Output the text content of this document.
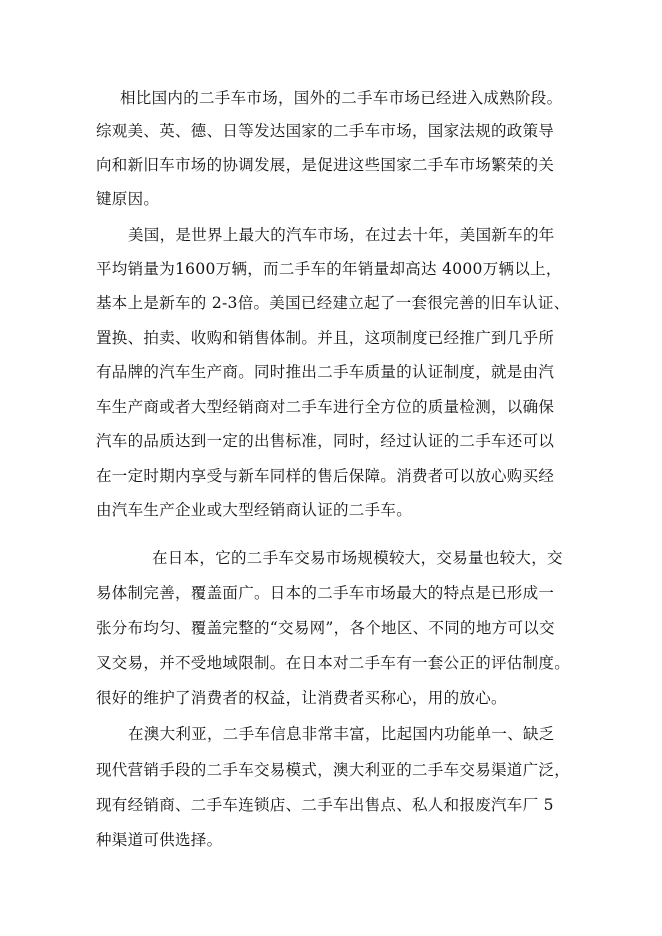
相比国内的二手车市场，国外的二手车市场已经进入成熟阶段。
综观美、英、德、日等发达国家的二手车市场，国家法规的政策导
向和新旧车市场的协调发展，是促进这些国家二手车市场繁荣的关
键原因。
美国，是世界上最大的汽车市场，在过去十年，美国新车的年
平均销量为1600万辆，而二手车的年销量却高达 4000万辆以上，
基本上是新车的 2-3倍。美国已经建立起了一套很完善的旧车认证、
置换、拍卖、收购和销售体制。并且，这项制度已经推广到几乎所
有品牌的汽车生产商。同时推出二手车质量的认证制度，就是由汽
车生产商或者大型经销商对二手车进行全方位的质量检测，以确保
汽车的品质达到一定的出售标准，同时，经过认证的二手车还可以
在一定时期内享受与新车同样的售后保障。消费者可以放心购买经
由汽车生产企业或大型经销商认证的二手车。
在日本，它的二手车交易市场规模较大，交易量也较大，交
易体制完善，覆盖面广。日本的二手车市场最大的特点是已形成一
张分布均匀、覆盖完整的“交易网”，各个地区、不同的地方可以交
叉交易，并不受地域限制。在日本对二手车有一套公正的评估制度。
很好的维护了消费者的权益，让消费者买称心，用的放心。
在澳大利亚，二手车信息非常丰富，比起国内功能单一、缺乏
现代营销手段的二手车交易模式，澳大利亚的二手车交易渠道广泛，
现有经销商、二手车连锁店、二手车出售点、私人和报废汽车厂 5
种渠道可供选择。
